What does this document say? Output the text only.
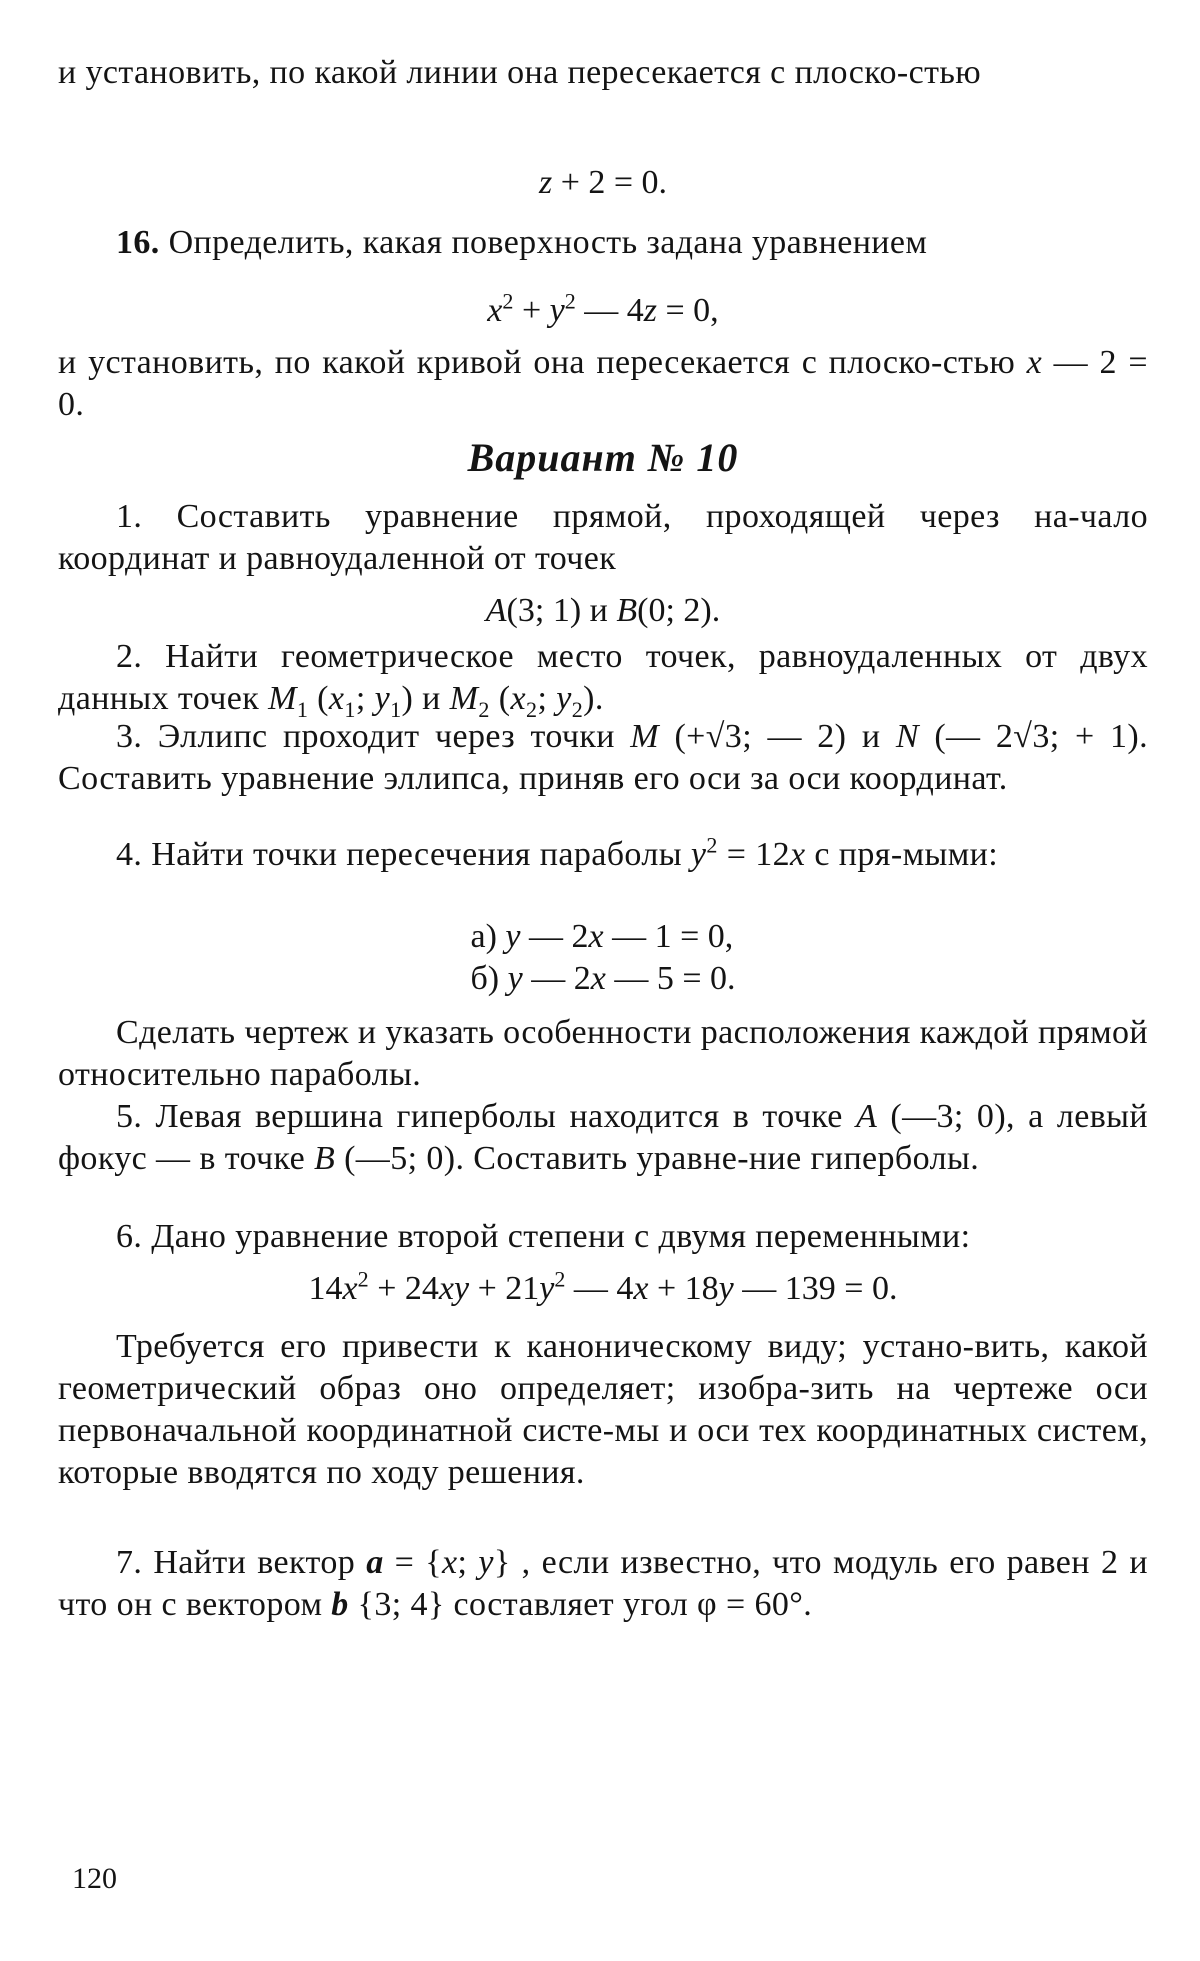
и установить, по какой линии она пересекается с плоско-стью

z + 2 = 0.

16. Определить, какая поверхность задана уравнением

$x^2 + y^2$ — 4z = 0,

и установить, по какой кривой она пересекается с плоско-стью x — 2 = 0.

Вариант № 10

1. Составить уравнение прямой, проходящей через на-чало координат и равноудаленной от точек

A(3; 1) и B(0; 2).

2. Найти геометрическое место точек, равноудаленных от двух данных точек $M_1$ ($x_1$; $y_1$) и $M_2$ ($x_2$; $y_2$).

3. Эллипс проходит через точки M (+√3; — 2) и N (— 2√3; + 1). Составить уравнение эллипса, приняв его оси за оси координат.

4. Найти точки пересечения параболы $y^2 = 12x$ с пря-мыми:

а) y — 2x — 1 = 0,

б) y — 2x — 5 = 0.

Сделать чертеж и указать особенности расположения каждой прямой относительно параболы.

5. Левая вершина гиперболы находится в точке A (—3; 0), а левый фокус — в точке B (—5; 0). Составить уравне-ние гиперболы.

6. Дано уравнение второй степени с двумя переменными:

$14x^2 + 24xy + 21y^2$ — 4x + 18y — 139 = 0.

Требуется его привести к каноническому виду; устано-вить, какой геометрический образ оно определяет; изобра-зить на чертеже оси первоначальной координатной систе-мы и оси тех координатных систем, которые вводятся по ходу решения.

7. Найти вектор a = {x; y} , если известно, что модуль его равен 2 и что он с вектором b {3; 4} составляет угол φ = 60°.

120
